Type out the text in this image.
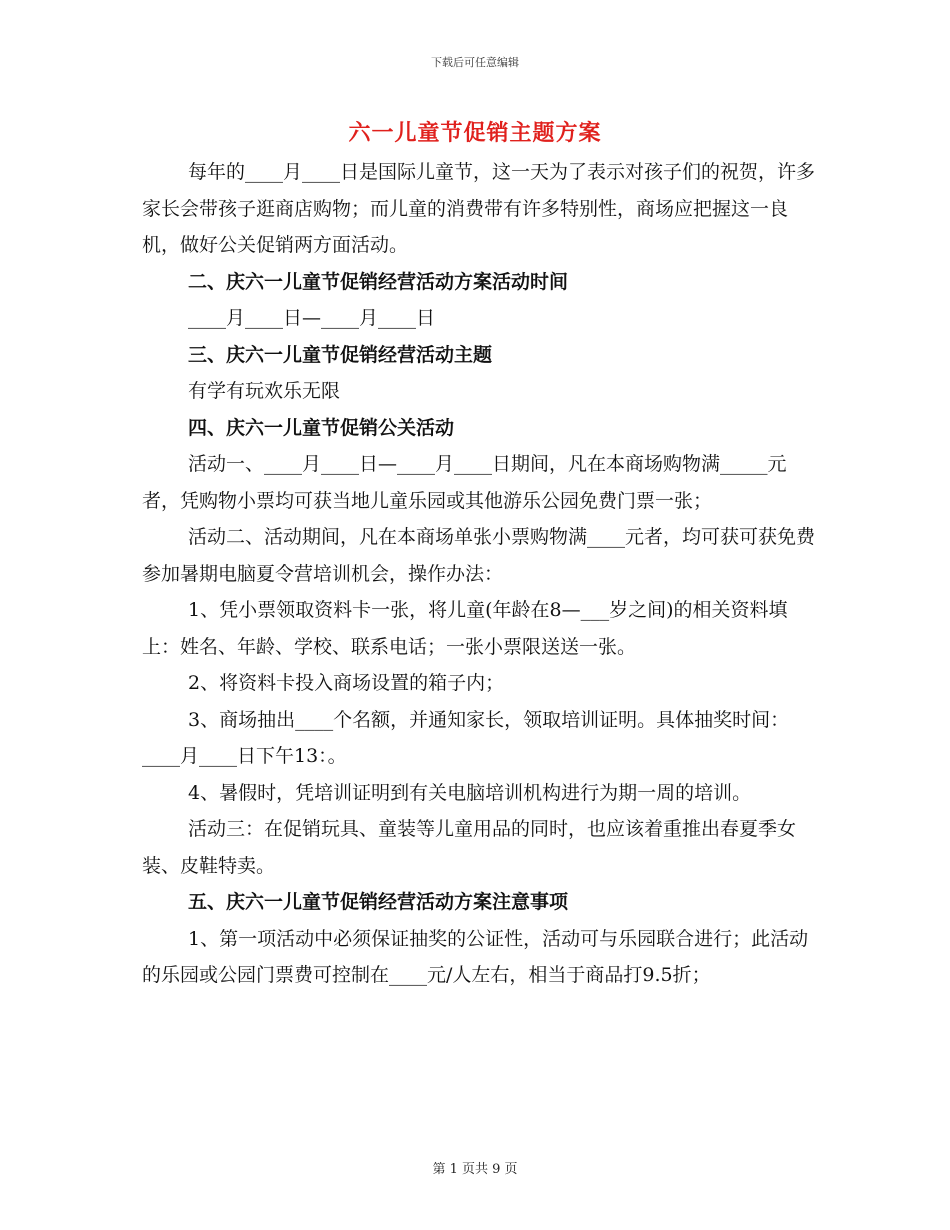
下载后可任意编辑
六一儿童节促销主题方案

每年的____月____日是国际儿童节，这一天为了表示对孩子们的祝贺，许多家长会带孩子逛商店购物；而儿童的消费带有许多特别性，商场应把握这一良机，做好公关促销两方面活动。

二、庆六一儿童节促销经营活动方案活动时间

____月____日—____月____日

三、庆六一儿童节促销经营活动主题

有学有玩欢乐无限

四、庆六一儿童节促销公关活动

活动一、____月____日—____月____日期间，凡在本商场购物满_____元者，凭购物小票均可获当地儿童乐园或其他游乐公园免费门票一张；

活动二、活动期间，凡在本商场单张小票购物满____元者，均可获可获免费参加暑期电脑夏令营培训机会，操作办法：

1、凭小票领取资料卡一张，将儿童(年龄在8—___岁之间)的相关资料填上：姓名、年龄、学校、联系电话；一张小票限送送一张。

2、将资料卡投入商场设置的箱子内；

3、商场抽出____个名额，并通知家长，领取培训证明。具体抽奖时间：____月____日下午13：。

4、暑假时，凭培训证明到有关电脑培训机构进行为期一周的培训。

活动三：在促销玩具、童装等儿童用品的同时，也应该着重推出春夏季女装、皮鞋特卖。

五、庆六一儿童节促销经营活动方案注意事项

1、第一项活动中必须保证抽奖的公证性，活动可与乐园联合进行；此活动的乐园或公园门票费可控制在____元/人左右，相当于商品打9.5折；

第 1 页共 9 页
